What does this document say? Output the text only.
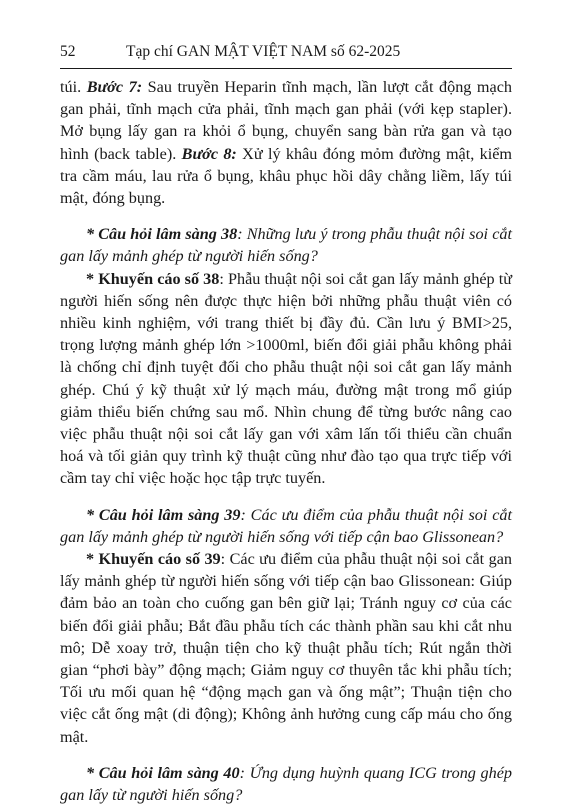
52	Tạp chí GAN MẬT VIỆT NAM số 62-2025

túi. Bước 7: Sau truyền Heparin tĩnh mạch, lần lượt cắt động mạch gan phải, tĩnh mạch cửa phải, tĩnh mạch gan phải (với kẹp stapler). Mở bụng lấy gan ra khỏi ổ bụng, chuyển sang bàn rửa gan và tạo hình (back table). Bước 8: Xử lý khâu đóng mỏm đường mật, kiểm tra cầm máu, lau rửa ổ bụng, khâu phục hồi dây chằng liềm, lấy túi mật, đóng bụng.

* Câu hỏi lâm sàng 38: Những lưu ý trong phẫu thuật nội soi cắt gan lấy mảnh ghép từ người hiến sống?

* Khuyến cáo số 38: Phẫu thuật nội soi cắt gan lấy mảnh ghép từ người hiến sống nên được thực hiện bởi những phẫu thuật viên có nhiều kinh nghiệm, với trang thiết bị đầy đủ. Cần lưu ý BMI>25, trọng lượng mảnh ghép lớn >1000ml, biến đổi giải phẫu không phải là chống chỉ định tuyệt đối cho phẫu thuật nội soi cắt gan lấy mảnh ghép. Chú ý kỹ thuật xử lý mạch máu, đường mật trong mổ giúp giảm thiểu biến chứng sau mổ. Nhìn chung để từng bước nâng cao việc phẫu thuật nội soi cắt lấy gan với xâm lấn tối thiểu cần chuẩn hoá và tối giản quy trình kỹ thuật cũng như đào tạo qua trực tiếp với cầm tay chỉ việc hoặc học tập trực tuyến.

* Câu hỏi lâm sàng 39: Các ưu điểm của phẫu thuật nội soi cắt gan lấy mảnh ghép từ người hiến sống với tiếp cận bao Glissonean?

* Khuyến cáo số 39: Các ưu điểm của phẫu thuật nội soi cắt gan lấy mảnh ghép từ người hiến sống với tiếp cận bao Glissonean: Giúp đảm bảo an toàn cho cuống gan bên giữ lại; Tránh nguy cơ của các biến đổi giải phẫu; Bắt đầu phẫu tích các thành phần sau khi cắt nhu mô; Dễ xoay trở, thuận tiện cho kỹ thuật phẫu tích; Rút ngắn thời gian “phơi bày” động mạch; Giảm nguy cơ thuyên tắc khi phẫu tích; Tối ưu mối quan hệ “động mạch gan và ống mật”; Thuận tiện cho việc cắt ống mật (di động); Không ảnh hưởng cung cấp máu cho ống mật.

* Câu hỏi lâm sàng 40: Ứng dụng huỳnh quang ICG trong ghép gan lấy từ người hiến sống?
